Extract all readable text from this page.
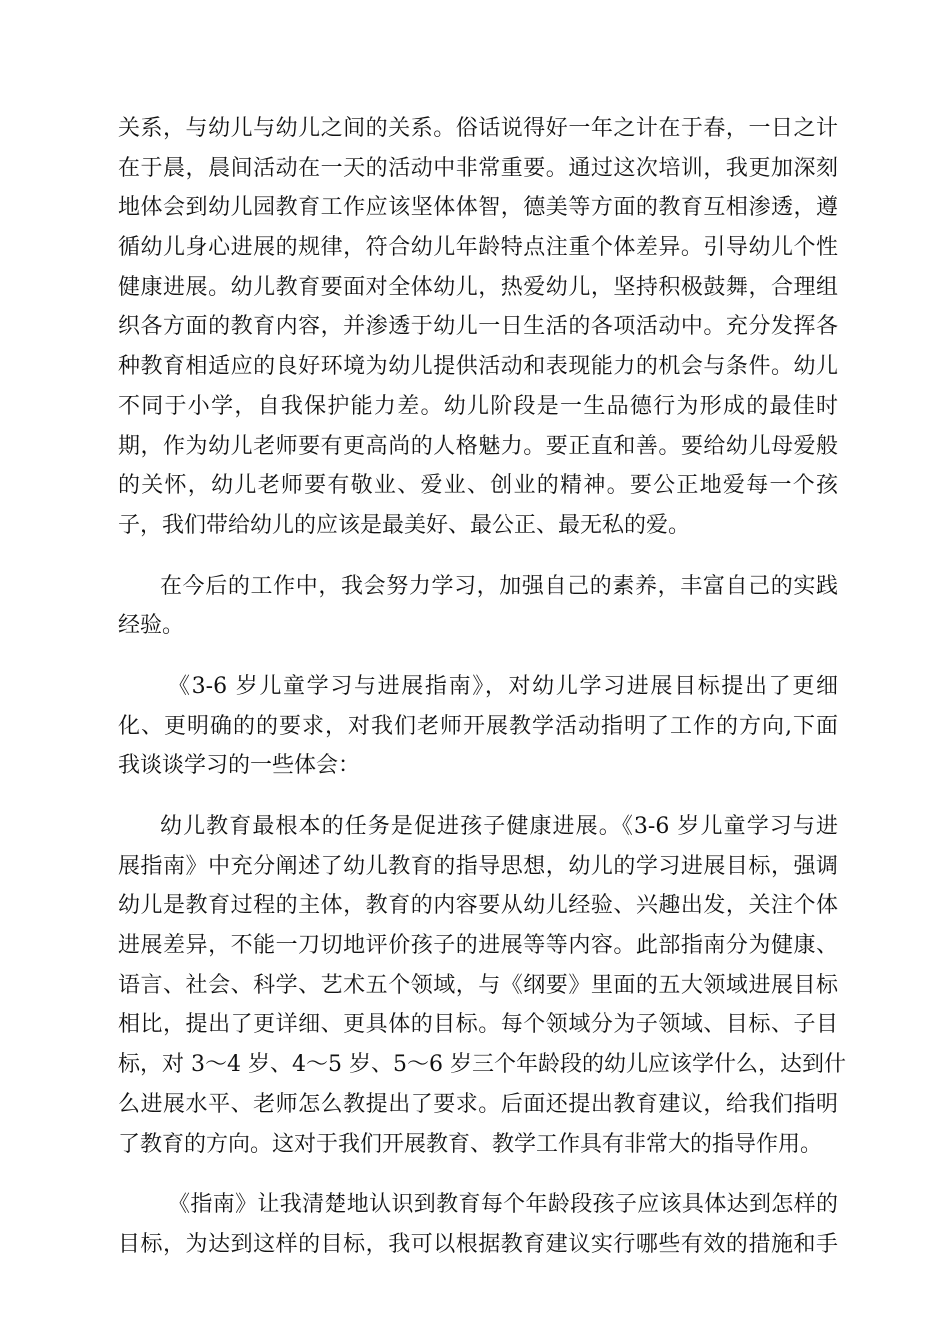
关系，与幼儿与幼儿之间的关系。俗话说得好一年之计在于春，一日之计
在于晨，晨间活动在一天的活动中非常重要。通过这次培训，我更加深刻
地体会到幼儿园教育工作应该坚体体智，德美等方面的教育互相渗透，遵
循幼儿身心进展的规律，符合幼儿年龄特点注重个体差异。引导幼儿个性
健康进展。幼儿教育要面对全体幼儿，热爱幼儿，坚持积极鼓舞，合理组
织各方面的教育内容，并渗透于幼儿一日生活的各项活动中。充分发挥各
种教育相适应的良好环境为幼儿提供活动和表现能力的机会与条件。幼儿
不同于小学，自我保护能力差。幼儿阶段是一生品德行为形成的最佳时
期，作为幼儿老师要有更高尚的人格魅力。要正直和善。要给幼儿母爱般
的关怀，幼儿老师要有敬业、爱业、创业的精神。要公正地爱每一个孩
子，我们带给幼儿的应该是最美好、最公正、最无私的爱。
在今后的工作中，我会努力学习，加强自己的素养，丰富自己的实践
经验。
《3-6 岁儿童学习与进展指南》，对幼儿学习进展目标提出了更细
化、更明确的的要求，对我们老师开展教学活动指明了工作的方向,下面
我谈谈学习的一些体会：
幼儿教育最根本的任务是促进孩子健康进展。《3-6 岁儿童学习与进
展指南》中充分阐述了幼儿教育的指导思想，幼儿的学习进展目标，强调
幼儿是教育过程的主体，教育的内容要从幼儿经验、兴趣出发，关注个体
进展差异，不能一刀切地评价孩子的进展等等内容。此部指南分为健康、
语言、社会、科学、艺术五个领域，与《纲要》里面的五大领域进展目标
相比，提出了更详细、更具体的目标。每个领域分为子领域、目标、子目
标，对 3～4 岁、4～5 岁、5～6 岁三个年龄段的幼儿应该学什么，达到什
么进展水平、老师怎么教提出了要求。后面还提出教育建议，给我们指明
了教育的方向。这对于我们开展教育、教学工作具有非常大的指导作用。
《指南》让我清楚地认识到教育每个年龄段孩子应该具体达到怎样的
目标，为达到这样的目标，我可以根据教育建议实行哪些有效的措施和手
